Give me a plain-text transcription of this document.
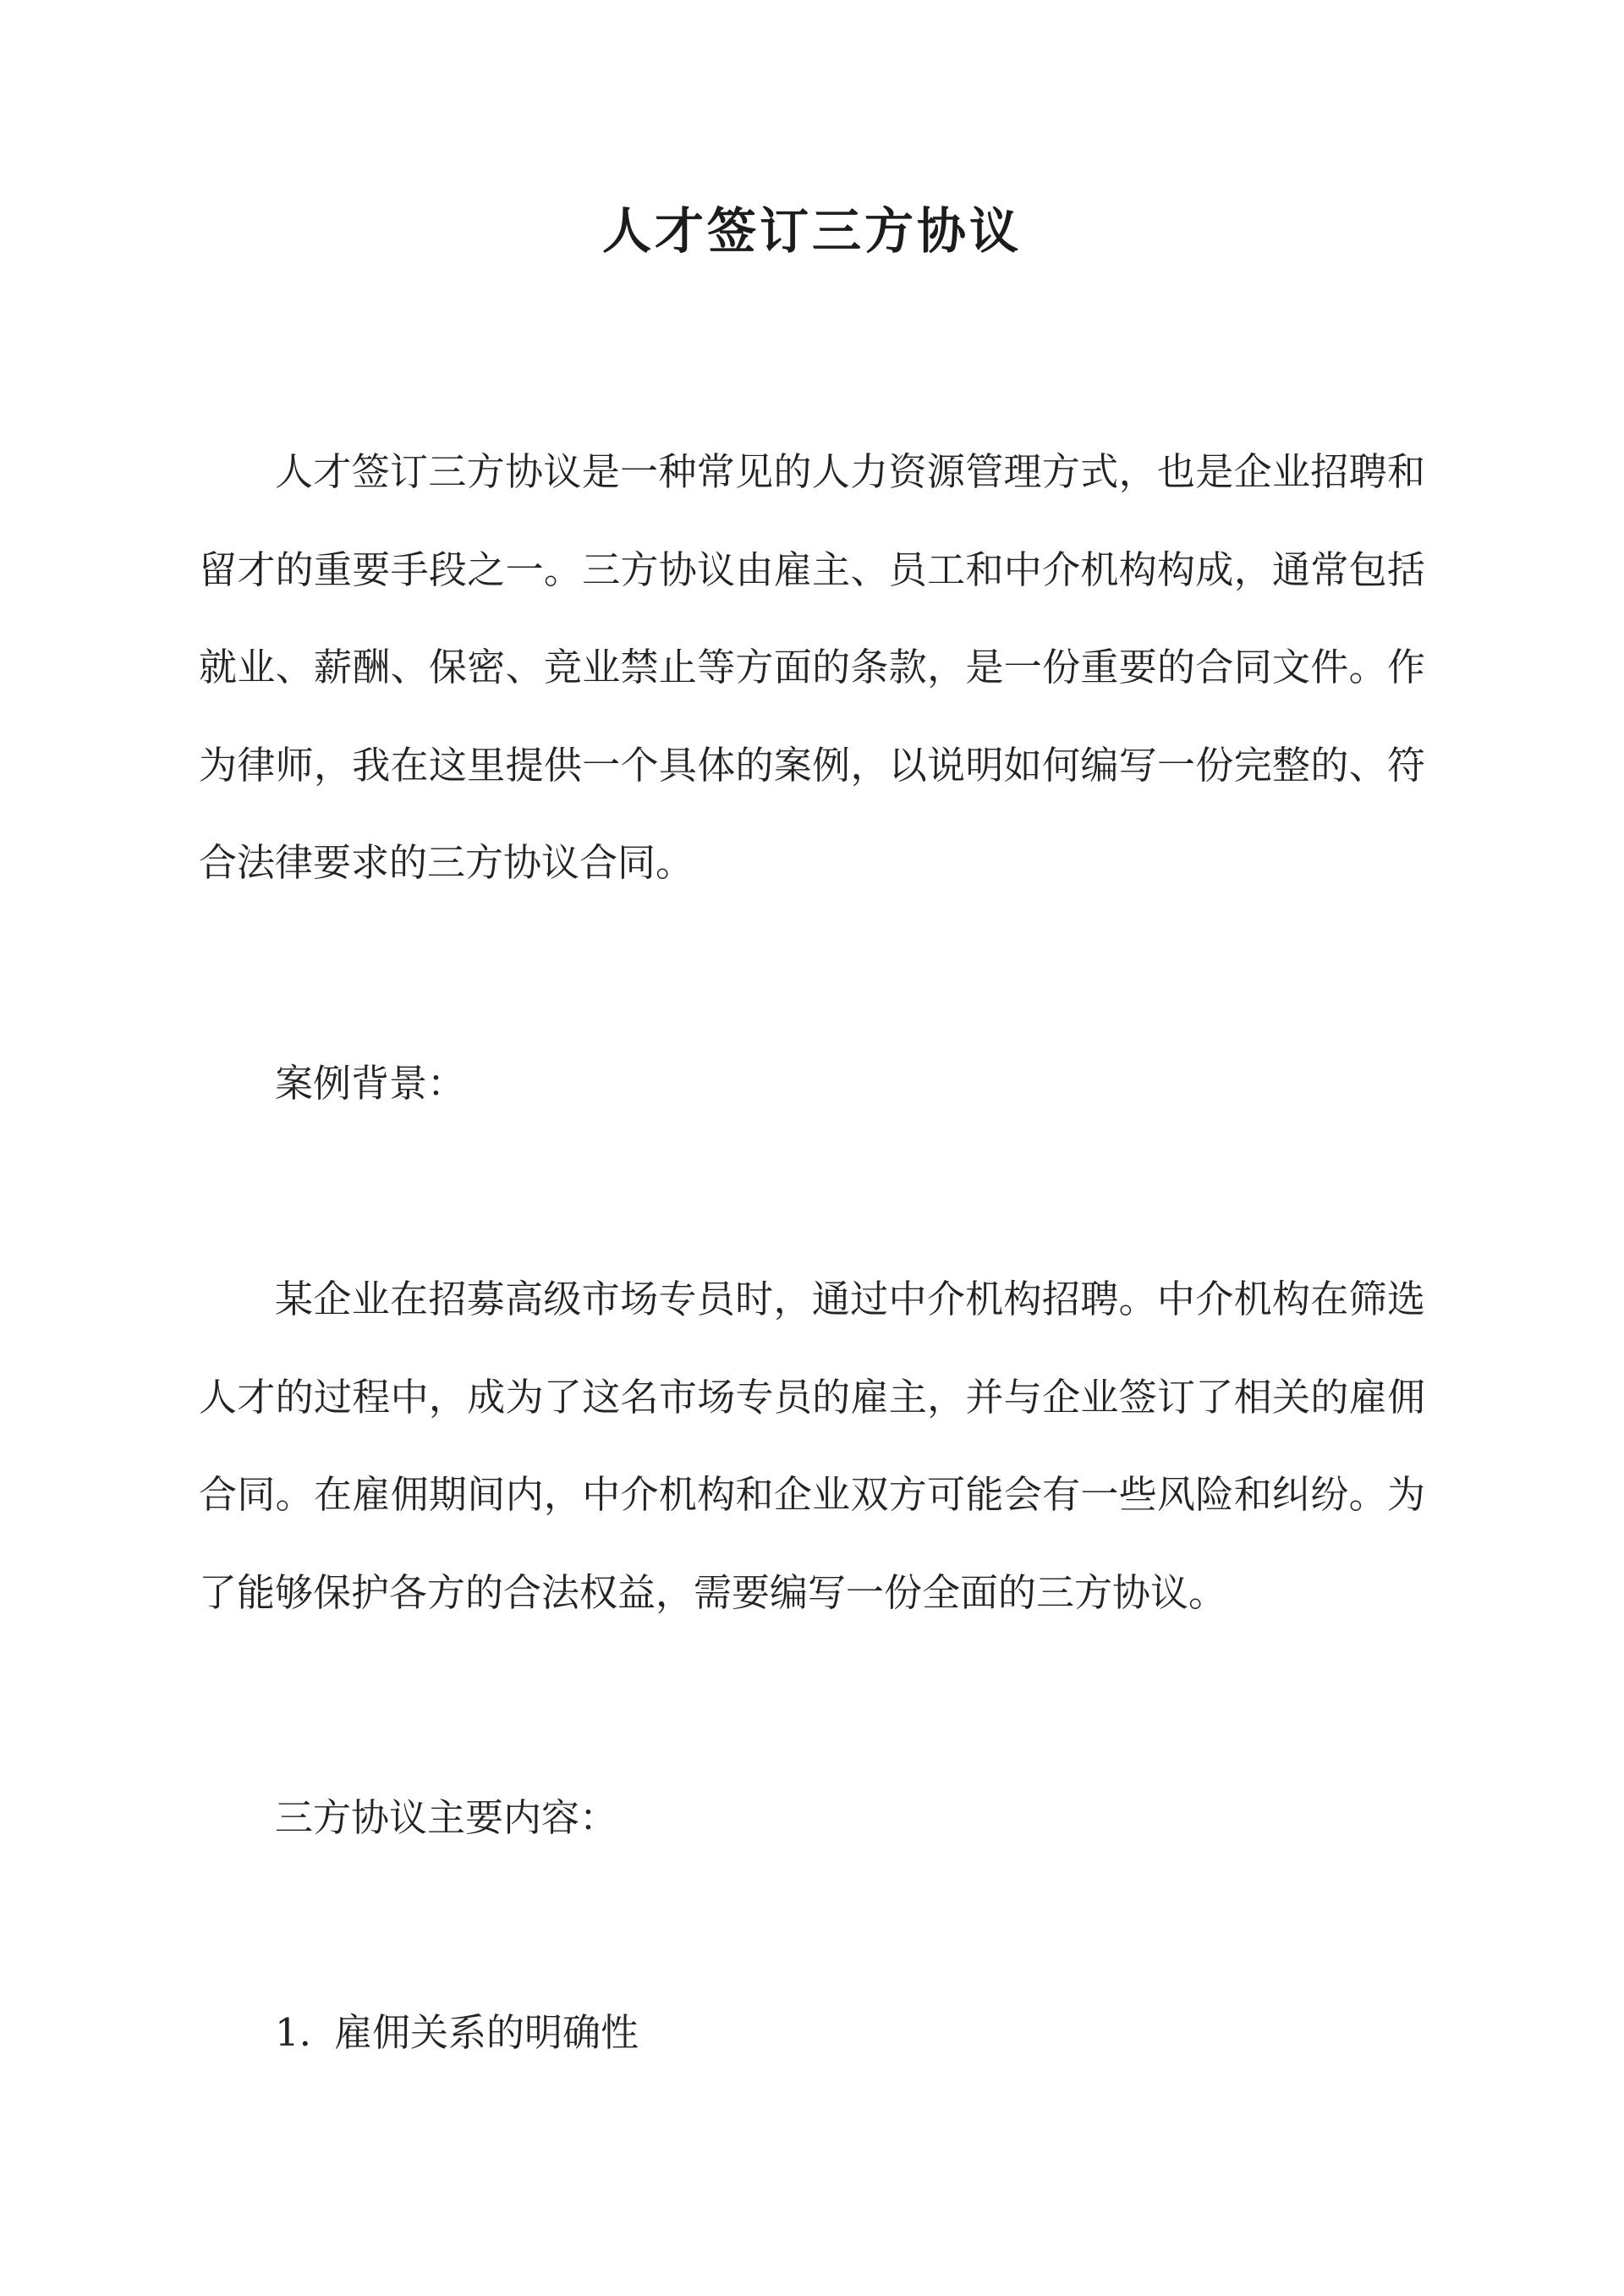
人才签订三方协议

人才签订三方协议是一种常见的人力资源管理方式，也是企业招聘和留才的重要手段之一。三方协议由雇主、员工和中介机构构成，通常包括就业、薪酬、保密、竞业禁止等方面的条款，是一份重要的合同文件。作为律师，我在这里提供一个具体的案例，以说明如何编写一份完整的、符合法律要求的三方协议合同。

案例背景：

某企业在招募高级市场专员时，通过中介机构招聘。中介机构在筛选人才的过程中，成为了这名市场专员的雇主，并与企业签订了相关的雇佣合同。在雇佣期间内，中介机构和企业双方可能会有一些风险和纠纷。为了能够保护各方的合法权益，需要编写一份全面的三方协议。

三方协议主要内容：

1. 雇佣关系的明确性
